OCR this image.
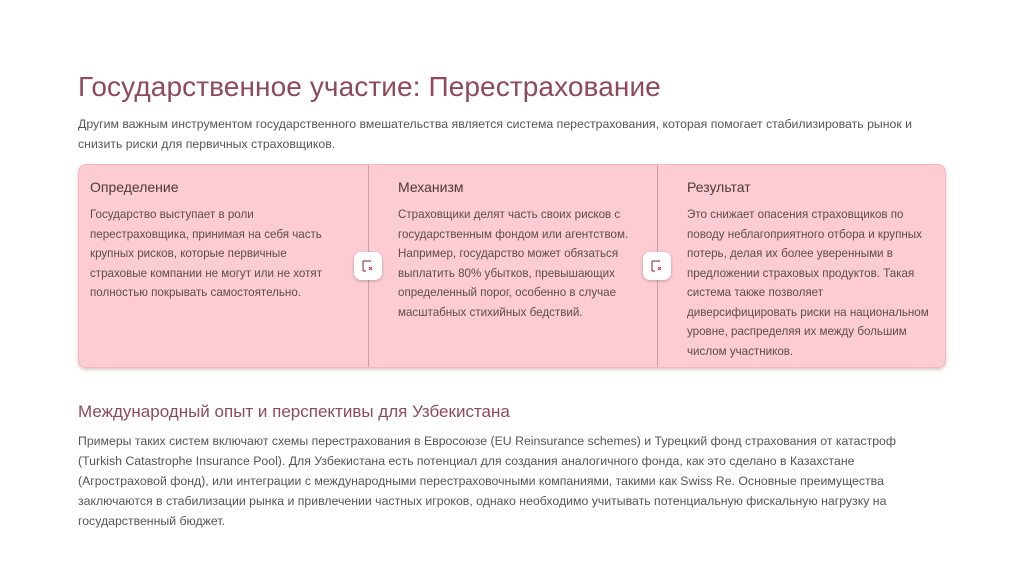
Государственное участие: Перестрахование
Другим важным инструментом государственного вмешательства является система перестрахования, которая помогает стабилизировать рынок и снизить риски для первичных страховщиков.
Определение

Государство выступает в роли перестраховщика, принимая на себя часть крупных рисков, которые первичные страховые компании не могут или не хотят полностью покрывать самостоятельно.

Механизм

Страховщики делят часть своих рисков с государственным фондом или агентством. Например, государство может обязаться выплатить 80% убытков, превышающих определенный порог, особенно в случае масштабных стихийных бедствий.

Результат

Это снижает опасения страховщиков по поводу неблагоприятного отбора и крупных потерь, делая их более уверенными в предложении страховых продуктов. Такая система также позволяет диверсифицировать риски на национальном уровне, распределяя их между большим числом участников.

Международный опыт и перспективы для Узбекистана
Примеры таких систем включают схемы перестрахования в Евросоюзе (EU Reinsurance schemes) и Турецкий фонд страхования от катастроф (Turkish Catastrophe Insurance Pool). Для Узбекистана есть потенциал для создания аналогичного фонда, как это сделано в Казахстане (Агростраховой фонд), или интеграции с международными перестраховочными компаниями, такими как Swiss Re. Основные преимущества заключаются в стабилизации рынка и привлечении частных игроков, однако необходимо учитывать потенциальную фискальную нагрузку на государственный бюджет.
